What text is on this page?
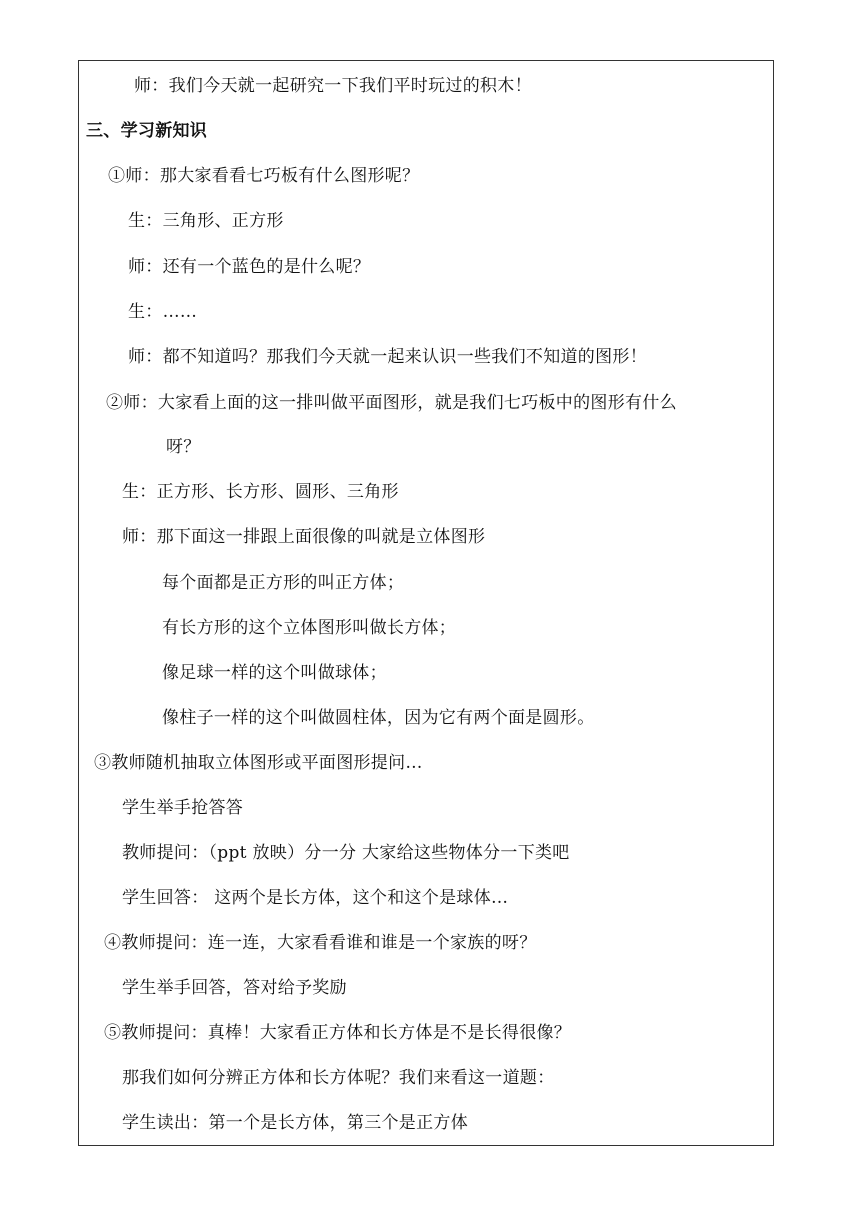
师：我们今天就一起研究一下我们平时玩过的积木！
三、学习新知识
①师：那大家看看七巧板有什么图形呢？
生：三角形、正方形
师：还有一个蓝色的是什么呢？
生：……
师：都不知道吗？那我们今天就一起来认识一些我们不知道的图形！
②师：大家看上面的这一排叫做平面图形，就是我们七巧板中的图形有什么
呀？
生：正方形、长方形、圆形、三角形
师：那下面这一排跟上面很像的叫就是立体图形
每个面都是正方形的叫正方体；
有长方形的这个立体图形叫做长方体；
像足球一样的这个叫做球体；
像柱子一样的这个叫做圆柱体，因为它有两个面是圆形。
③教师随机抽取立体图形或平面图形提问…
学生举手抢答答
教师提问：（ppt 放映）分一分 大家给这些物体分一下类吧
学生回答： 这两个是长方体，这个和这个是球体…
④教师提问：连一连，大家看看谁和谁是一个家族的呀？
学生举手回答，答对给予奖励
⑤教师提问：真棒！大家看正方体和长方体是不是长得很像？
那我们如何分辨正方体和长方体呢？我们来看这一道题：
学生读出：第一个是长方体，第三个是正方体
